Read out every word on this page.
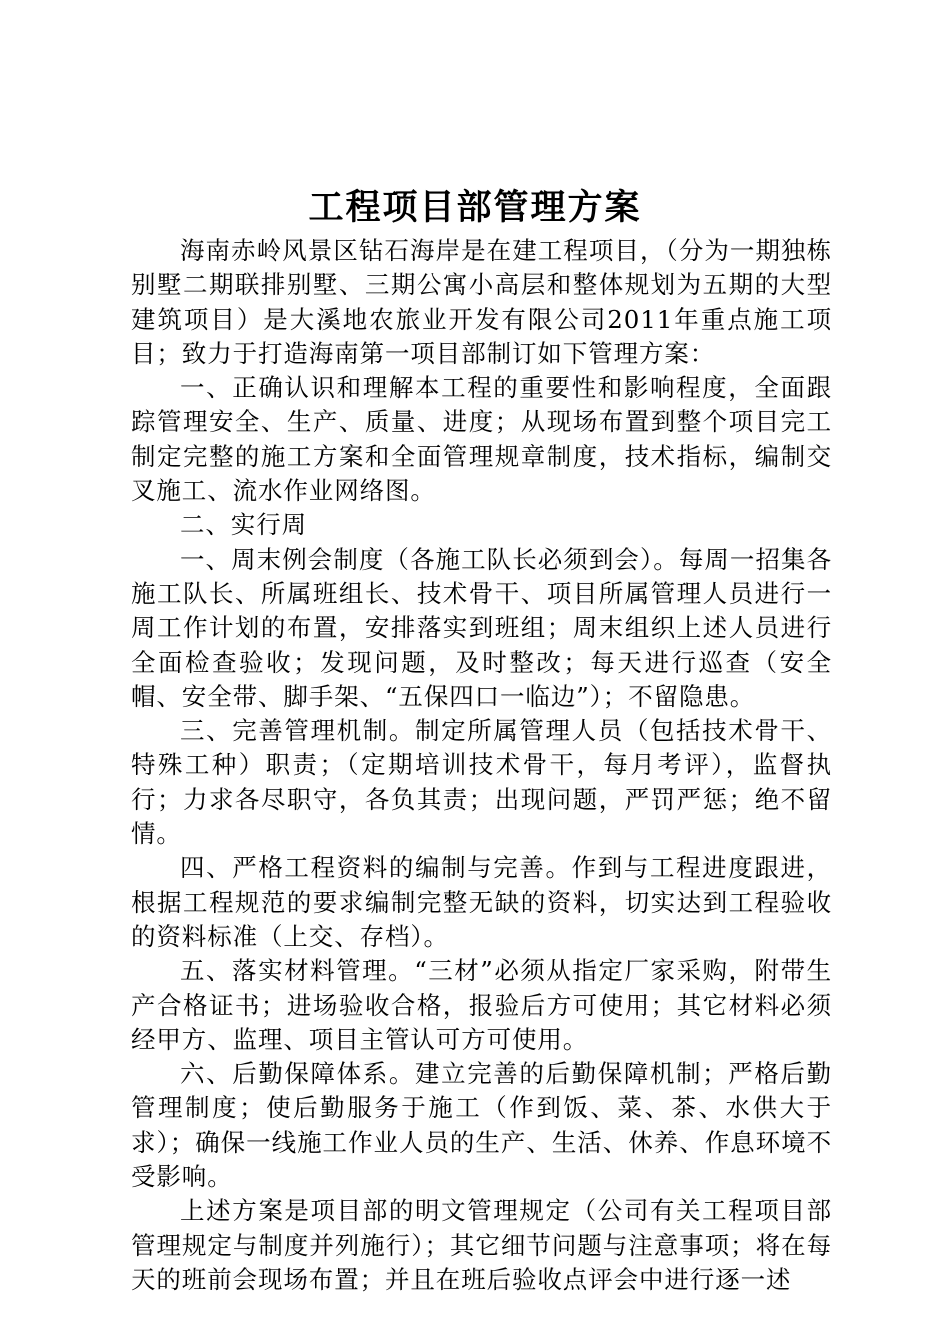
工程项目部管理方案

海南赤岭风景区钻石海岸是在建工程项目，（分为一期独栋别墅二期联排别墅、三期公寓小高层和整体规划为五期的大型建筑项目）是大溪地农旅业开发有限公司2011年重点施工项目；致力于打造海南第一项目部制订如下管理方案：

一、正确认识和理解本工程的重要性和影响程度，全面跟踪管理安全、生产、质量、进度；从现场布置到整个项目完工制定完整的施工方案和全面管理规章制度，技术指标，编制交叉施工、流水作业网络图。

二、实行周

一、周末例会制度（各施工队长必须到会）。每周一招集各施工队长、所属班组长、技术骨干、项目所属管理人员进行一周工作计划的布置，安排落实到班组；周末组织上述人员进行全面检查验收；发现问题，及时整改；每天进行巡查（安全帽、安全带、脚手架、“五保四口一临边”）；不留隐患。

三、完善管理机制。制定所属管理人员（包括技术骨干、特殊工种）职责；（定期培训技术骨干，每月考评），监督执行；力求各尽职守，各负其责；出现问题，严罚严惩；绝不留情。

四、严格工程资料的编制与完善。作到与工程进度跟进，根据工程规范的要求编制完整无缺的资料，切实达到工程验收的资料标准（上交、存档）。

五、落实材料管理。“三材”必须从指定厂家采购，附带生产合格证书；进场验收合格，报验后方可使用；其它材料必须经甲方、监理、项目主管认可方可使用。

六、后勤保障体系。建立完善的后勤保障机制；严格后勤管理制度；使后勤服务于施工（作到饭、菜、茶、水供大于求）；确保一线施工作业人员的生产、生活、休养、作息环境不受影响。

上述方案是项目部的明文管理规定（公司有关工程项目部管理规定与制度并列施行）；其它细节问题与注意事项；将在每天的班前会现场布置；并且在班后验收点评会中进行逐一述
